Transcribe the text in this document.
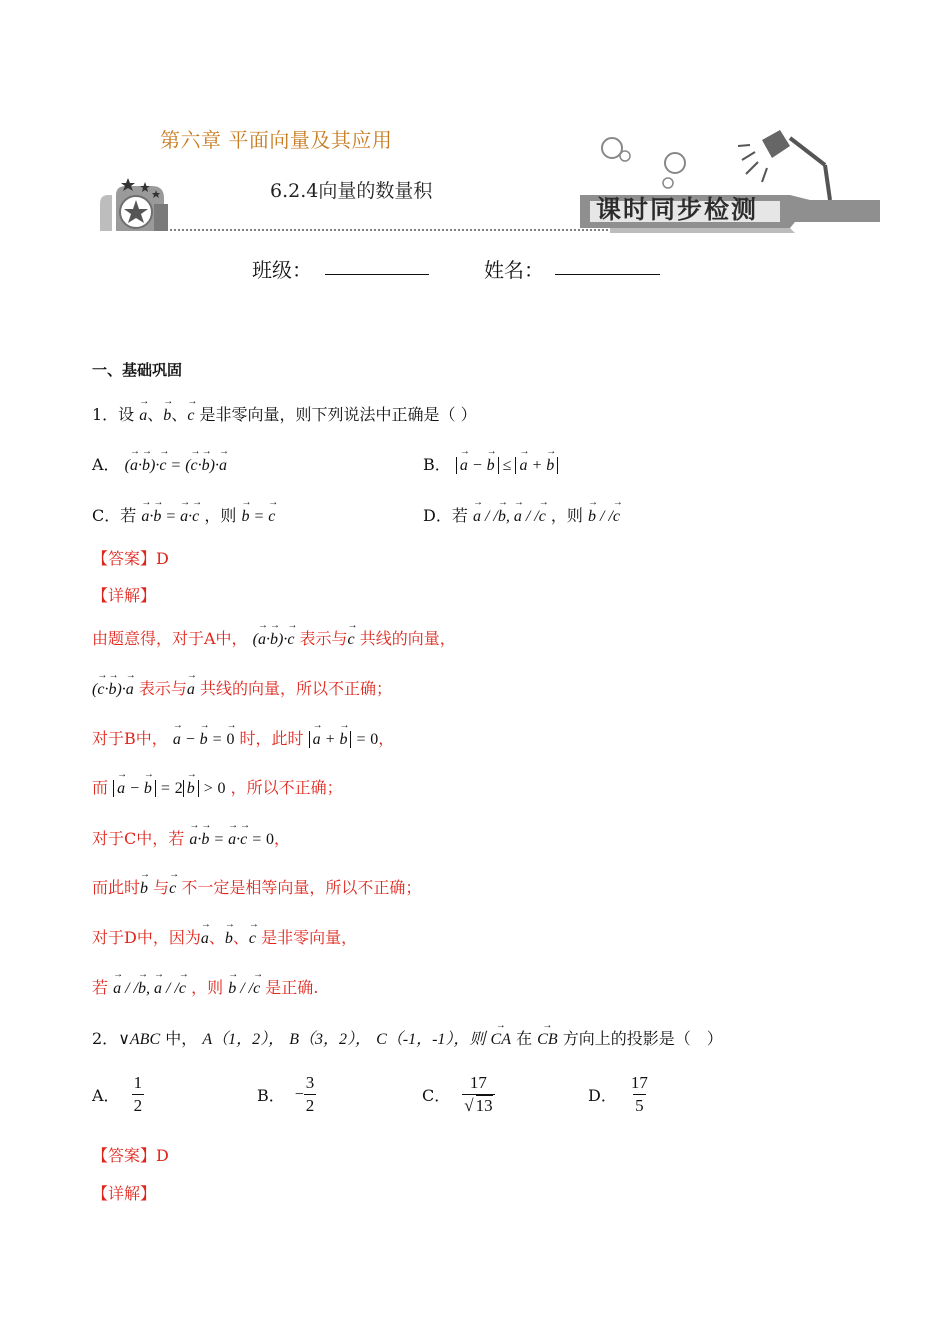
第六章 平面向量及其应用
6.2.4向量的数量积
课时同步检测
班级：	姓名：
一、基础巩固
1．设 → a、→ b、→ c 是非零向量，则下列说法中正确是（ ）
A． (→ a·→ b)·→ c = (→ c·→ b)·→ a	B． → a − → b ≤ → a + → b
C．若 → a·→ b = → a·→ c ，则 → b = → c	D．若 → a / /→ b, → a / /→ c ，则 → b / /→ c
【答案】D
【详解】
由题意得，对于A中， (→ a·→ b)·→ c 表示与→ c 共线的向量，
(→ c·→ b)·→ a 表示与→ a 共线的向量，所以不正确；
对于B中， → a − → b = → 0 时，此时 → a + → b = 0，
而 → a − → b = 2 → b > 0 ，所以不正确；
对于C中，若 → a·→ b = → a·→ c = 0，
而此时→ b 与→ c 不一定是相等向量，所以不正确；
对于D中，因为→ a、→ b、→ c 是非零向量，
若 → a / /→ b, → a / /→ c ，则 → b / /→ c 是正确.
2．∨ABC 中， A（1，2）， B（3，2）， C（-1，-1），则 → CA 在 → CB 方向上的投影是（　）
A． $\frac{1}{2}$	B． − $\frac{3}{2}$	C． $\frac{17}{√ 13}$	D． $\frac{17}{5}$
【答案】D
【详解】
